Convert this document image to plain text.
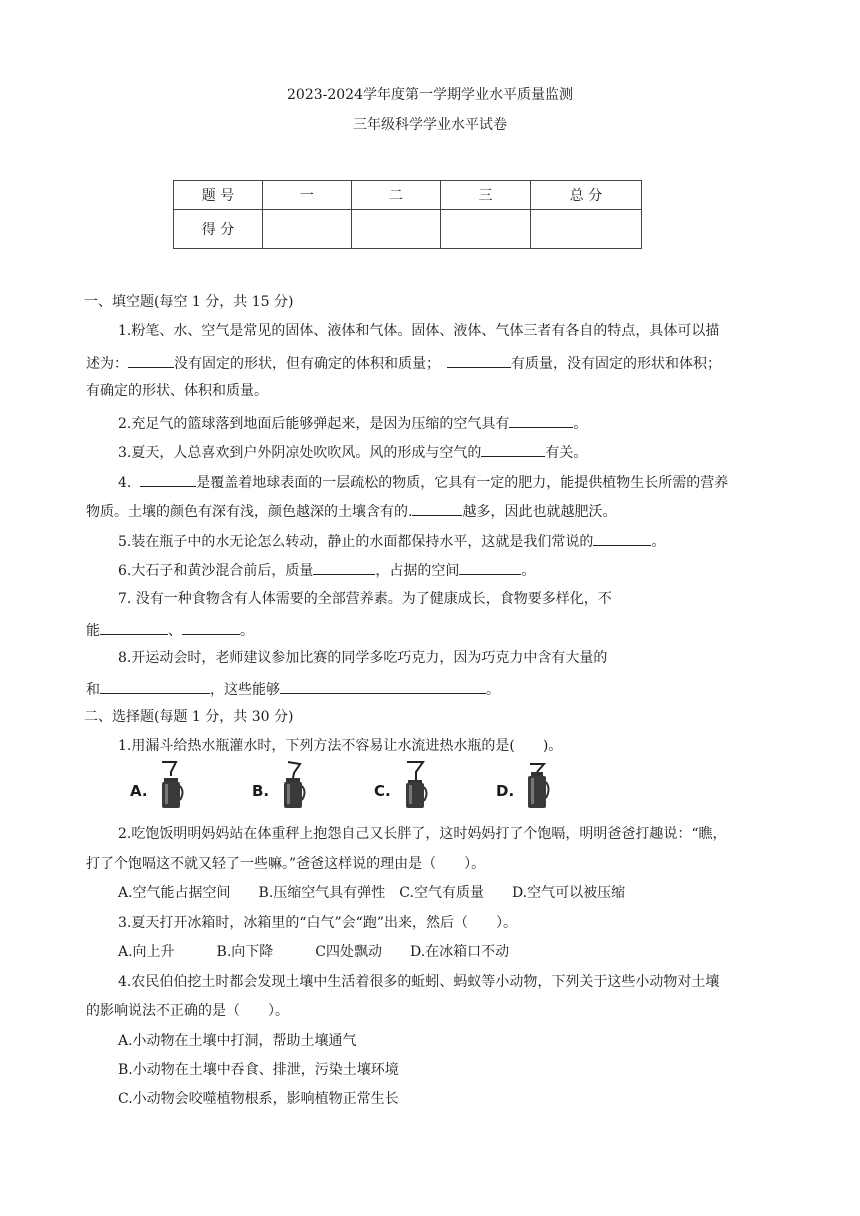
2023-2024学年度第一学期学业水平质量监测
三年级科学学业水平试卷
题 号	一	二	三	总 分
得 分				
一、填空题(每空 1 分，共 15 分)
1.粉笔、水、空气是常见的固体、液体和气体。固体、液体、气体三者有各自的特点，具体可以描
述为：	没有固定的形状，但有确定的体积和质量；　	有质量，没有固定的形状和体积；
有确定的形状、体积和质量。
2.充足气的篮球落到地面后能够弹起来，是因为压缩的空气具有	。
3.夏天，人总喜欢到户外阴凉处吹吹风。风的形成与空气的	有关。
4.	是覆盖着地球表面的一层疏松的物质，它具有一定的肥力，能提供植物生长所需的营养
物质。土壤的颜色有深有浅，颜色越深的土壤含有的.	越多，因此也就越肥沃。
5.装在瓶子中的水无论怎么转动，静止的水面都保持水平，这就是我们常说的	。
6.大石子和黄沙混合前后，质量	，占据的空间	。
7. 没有一种食物含有人体需要的全部营养素。为了健康成长，食物要多样化，不
能	、	。
8.开运动会时，老师建议参加比赛的同学多吃巧克力，因为巧克力中含有大量的
和	，这些能够	。
二、选择题(每题 1 分，共 30 分)
1.用漏斗给热水瓶灌水时，下列方法不容易让水流进热水瓶的是(　　)。
A.	B.	C.	D.
2.吃饱饭明明妈妈站在体重秤上抱怨自己又长胖了，这时妈妈打了个饱嗝，明明爸爸打趣说：“瞧，
打了个饱嗝这不就又轻了一些嘛。”爸爸这样说的理由是（　　）。
A.空气能占据空间　　B.压缩空气具有弹性　C.空气有质量　　D.空气可以被压缩
3.夏天打开冰箱时，冰箱里的“白气”会“跑”出来，然后（　　）。
A.向上升　　　B.向下降　　　C四处飘动　　D.在冰箱口不动
4.农民伯伯挖土时都会发现土壤中生活着很多的蚯蚓、蚂蚁等小动物，下列关于这些小动物对土壤
的影响说法不正确的是（　　）。
A.小动物在土壤中打洞，帮助土壤通气
B.小动物在土壤中吞食、排泄，污染土壤环境
C.小动物会咬噬植物根系，影响植物正常生长
